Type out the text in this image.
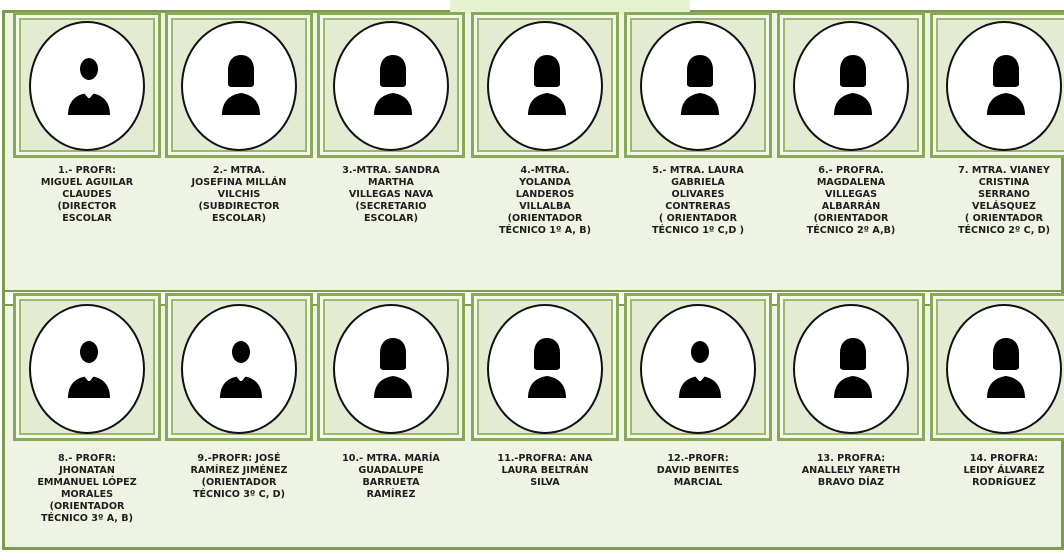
1.- PROFR:
MIGUEL AGUILAR
CLAUDES
(DIRECTOR
ESCOLAR
2.- MTRA.
JOSEFINA MILLÁN
VILCHIS
(SUBDIRECTOR
ESCOLAR)
3.-MTRA. SANDRA
MARTHA
VILLEGAS NAVA
(SECRETARIO
ESCOLAR)
4.-MTRA.
YOLANDA
LANDEROS
VILLALBA
(ORIENTADOR
TÉCNICO 1º A, B)
5.- MTRA. LAURA
GABRIELA
OLIVARES
CONTRERAS
( ORIENTADOR
TÉCNICO 1º C,D )
6.- PROFRA.
MAGDALENA
VILLEGAS
ALBARRÁN
(ORIENTADOR
TÉCNICO 2º A,B)
7. MTRA. VIANEY
CRISTINA
SERRANO
VELÁSQUEZ
( ORIENTADOR
TÉCNICO 2º C, D)
8.- PROFR:
JHONATAN
EMMANUEL LÓPEZ
MORALES
(ORIENTADOR
TÉCNICO 3º A, B)
9.-PROFR: JOSÉ
RAMÍREZ JIMÉNEZ
(ORIENTADOR
TÉCNICO 3º C, D)
10.- MTRA. MARÍA
GUADALUPE
BARRUETA
RAMÍREZ
11.-PROFRA: ANA
LAURA BELTRÁN
SILVA
12.-PROFR:
DAVID BENITES
MARCIAL
13. PROFRA:
ANALLELY YARETH
BRAVO DÍAZ
14. PROFRA:
LEIDY ÁLVAREZ
RODRÍGUEZ
